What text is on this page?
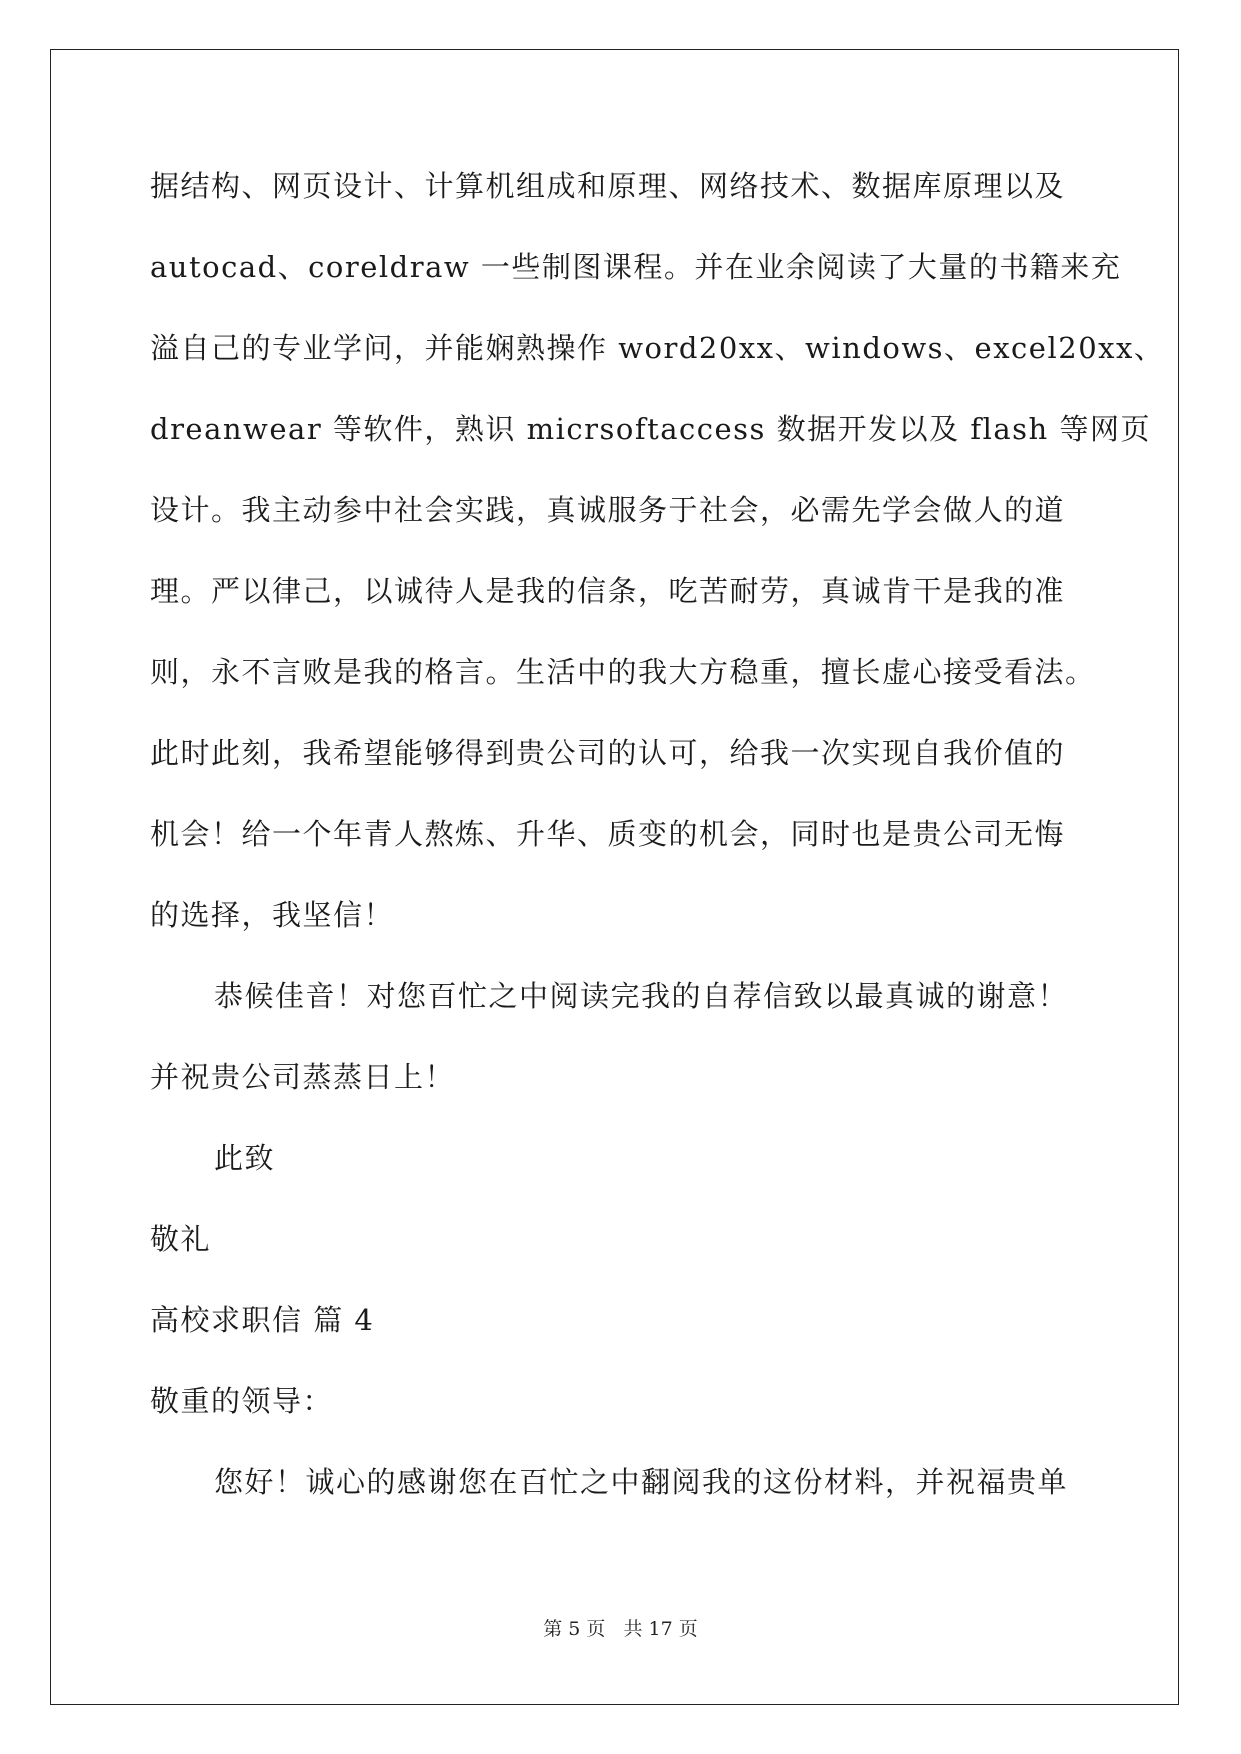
据结构、网页设计、计算机组成和原理、网络技术、数据库原理以及
autocad、coreldraw 一些制图课程。并在业余阅读了大量的书籍来充
溢自己的专业学问，并能娴熟操作 word20xx、windows、excel20xx、
dreanwear 等软件，熟识 micrsoftaccess 数据开发以及 flash 等网页
设计。我主动参中社会实践，真诚服务于社会，必需先学会做人的道
理。严以律己，以诚待人是我的信条，吃苦耐劳，真诚肯干是我的准
则，永不言败是我的格言。生活中的我大方稳重，擅长虚心接受看法。
此时此刻，我希望能够得到贵公司的认可，给我一次实现自我价值的
机会！给一个年青人熬炼、升华、质变的机会，同时也是贵公司无悔
的选择，我坚信！
恭候佳音！对您百忙之中阅读完我的自荐信致以最真诚的谢意！
并祝贵公司蒸蒸日上！
此致
敬礼
高校求职信 篇 4
敬重的领导：
您好！诚心的感谢您在百忙之中翻阅我的这份材料，并祝福贵单
第 5 页   共 17 页
